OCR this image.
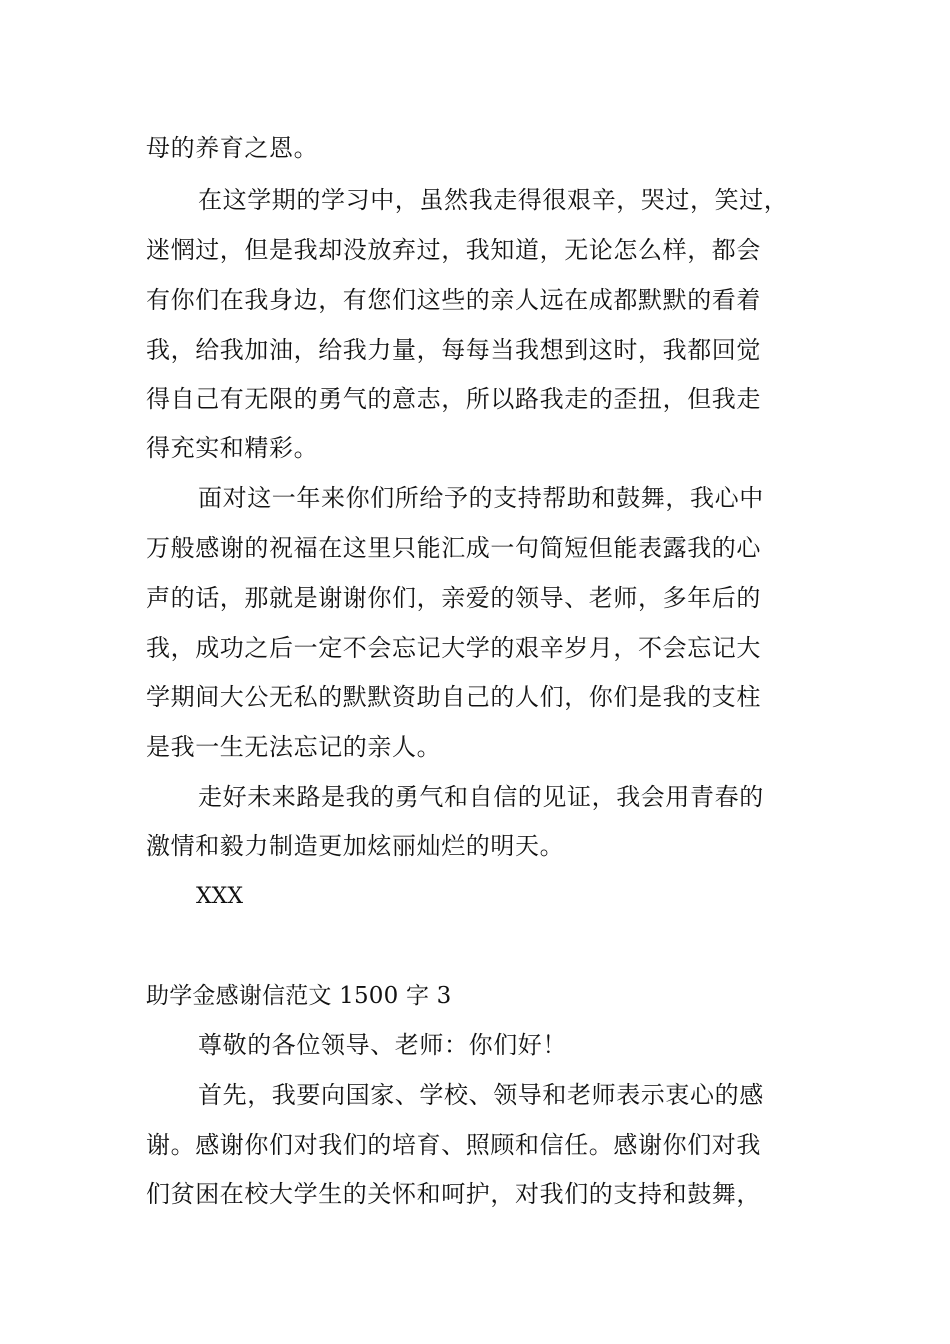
母的养育之恩。
在这学期的学习中，虽然我走得很艰辛，哭过，笑过，
迷惘过，但是我却没放弃过，我知道，无论怎么样，都会
有你们在我身边，有您们这些的亲人远在成都默默的看着
我，给我加油，给我力量，每每当我想到这时，我都回觉
得自己有无限的勇气的意志，所以路我走的歪扭，但我走
得充实和精彩。
面对这一年来你们所给予的支持帮助和鼓舞，我心中
万般感谢的祝福在这里只能汇成一句简短但能表露我的心
声的话，那就是谢谢你们，亲爱的领导、老师，多年后的
我，成功之后一定不会忘记大学的艰辛岁月，不会忘记大
学期间大公无私的默默资助自己的人们，你们是我的支柱
是我一生无法忘记的亲人。
走好未来路是我的勇气和自信的见证，我会用青春的
激情和毅力制造更加炫丽灿烂的明天。
XXX
助学金感谢信范文 1500 字 3
尊敬的各位领导、老师：你们好！
首先，我要向国家、学校、领导和老师表示衷心的感
谢。感谢你们对我们的培育、照顾和信任。感谢你们对我
们贫困在校大学生的关怀和呵护，对我们的支持和鼓舞，
